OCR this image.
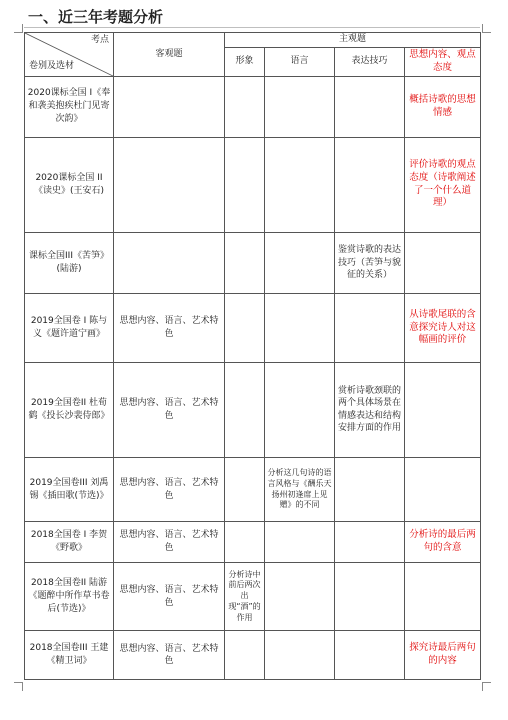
一、近三年考题分析
考点
卷别及选材	客观题	主观题			
		形象	语言	表达技巧	思想内容、观点态度
2020课标全国 I《奉和袭美抱疾杜门见寄次韵》					概括诗歌的思想情感
2020课标全国 II《读史》(王安石)					评价诗歌的观点态度（诗歌阐述了一个什么道理）
课标全国III《苦笋》(陆游)				鉴赏诗歌的表达技巧（苦笋与貌征的关系）	
2019全国卷 I 陈与义《题许道宁画》	思想内容、语言、艺术特色				从诗歌尾联的含意探究诗人对这幅画的评价
2019全国卷II 杜荀鹤《投长沙裴侍郎》	思想内容、语言、艺术特色			赏析诗歌颈联的两个具体场景在情感表达和结构安排方面的作用	
2019全国卷III 刘禹锡《插田歌(节选)》	思想内容、语言、艺术特色		分析这几句诗的语言风格与《酬乐天扬州初逢席上见赠》的不同		
2018全国卷 I 李贺《野歌》	思想内容、语言、艺术特色				分析诗的最后两句的含意
2018全国卷II 陆游《题醉中所作草书卷后(节选)》	思想内容、语言、艺术特色	分析诗中前后两次出现“酒”的作用			
2018全国卷III 王建《精卫词》	思想内容、语言、艺术特色				探究诗最后两句的内容
